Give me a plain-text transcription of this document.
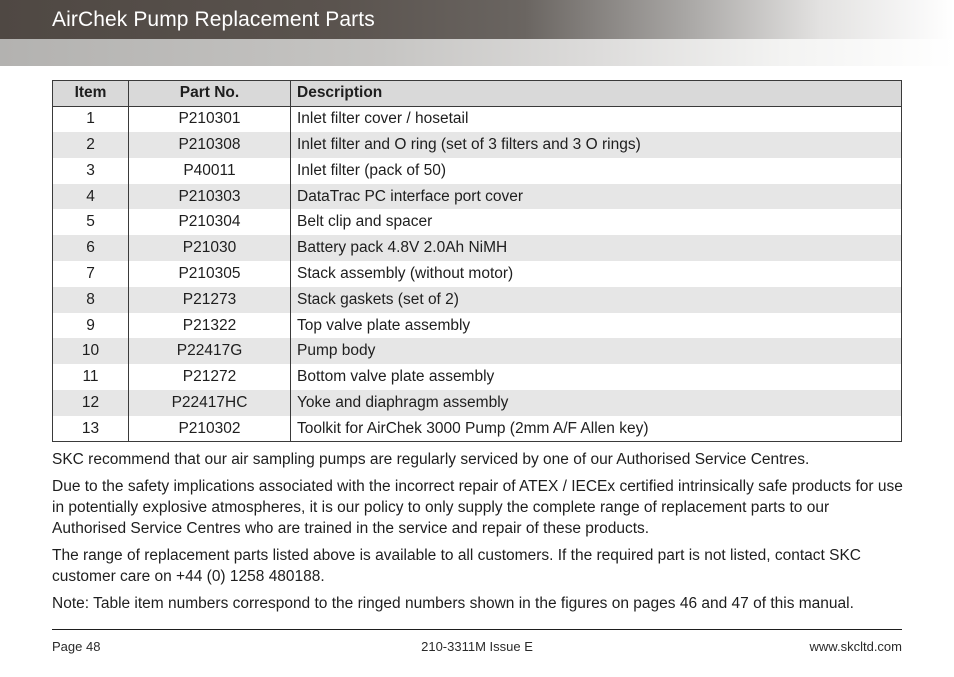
AirChek Pump Replacement Parts
Item	Part No.	Description
1	P210301	Inlet filter cover / hosetail
2	P210308	Inlet filter and O ring (set of 3 filters and 3 O rings)
3	P40011	Inlet filter (pack of 50)
4	P210303	DataTrac PC interface port cover
5	P210304	Belt clip and spacer
6	P21030	Battery pack 4.8V 2.0Ah NiMH
7	P210305	Stack assembly (without motor)
8	P21273	Stack gaskets (set of 2)
9	P21322	Top valve plate assembly
10	P22417G	Pump body
11	P21272	Bottom valve plate assembly
12	P22417HC	Yoke and diaphragm assembly
13	P210302	Toolkit for AirChek 3000 Pump (2mm A/F Allen key)

SKC recommend that our air sampling pumps are regularly serviced by one of our Authorised Service Centres.

Due to the safety implications associated with the incorrect repair of ATEX / IECEx certified intrinsically safe products for use in potentially explosive atmospheres, it is our policy to only supply the complete range of replacement parts to our Authorised Service Centres who are trained in the service and repair of these products.

The range of replacement parts listed above is available to all customers. If the required part is not listed, contact SKC customer care on +44 (0) 1258 480188.

Note: Table item numbers correspond to the ringed numbers shown in the figures on pages 46 and 47 of this manual.

Page 48	210-3311M Issue E	www.skcltd.com
